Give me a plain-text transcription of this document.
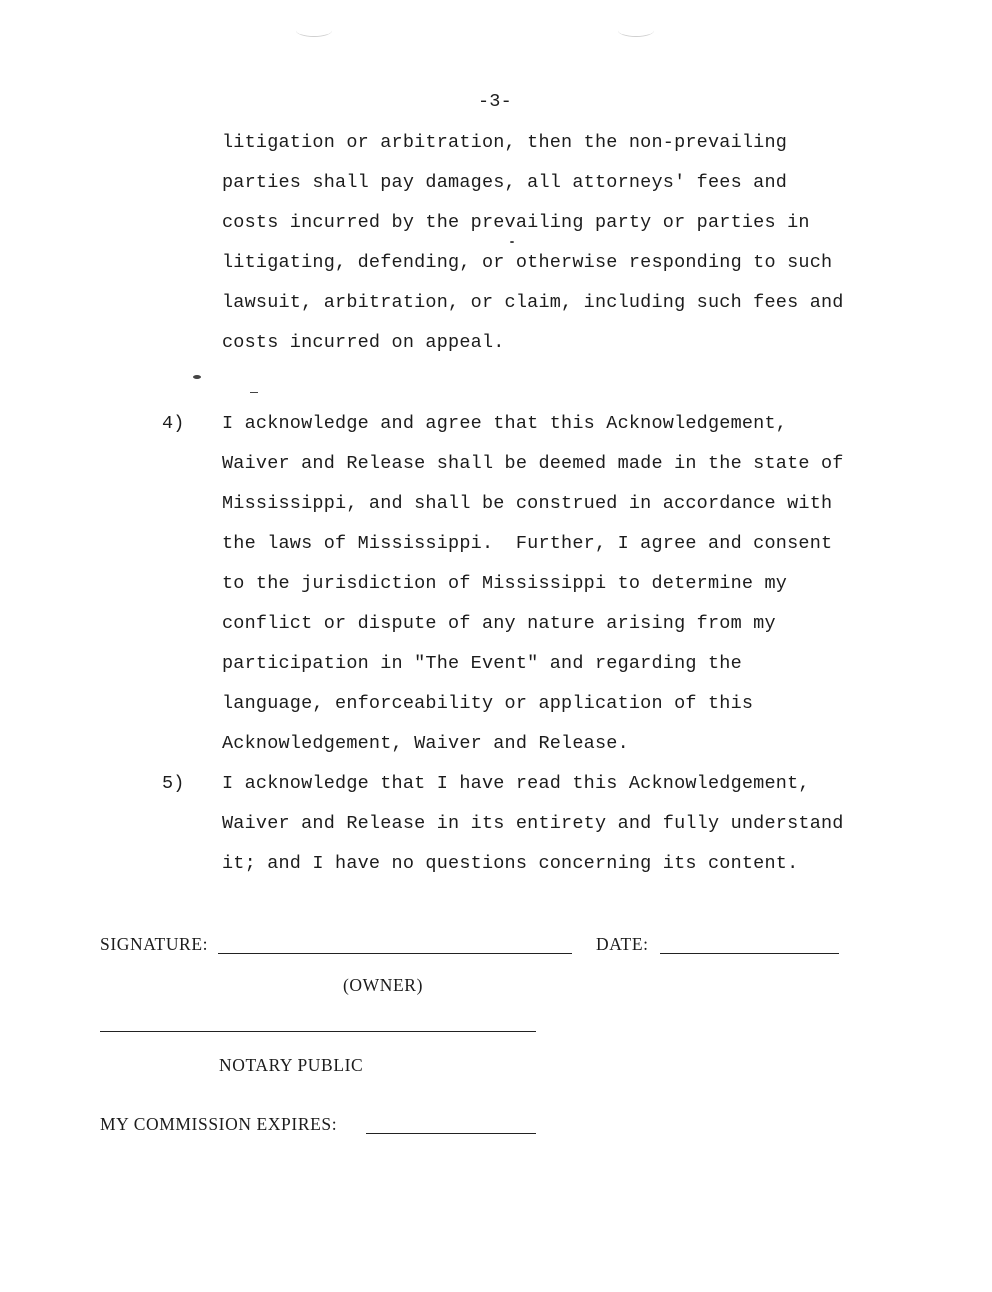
-3-
litigation or arbitration, then the non-prevailing
parties shall pay damages, all attorneys' fees and
costs incurred by the prevailing party or parties in
litigating, defending, or otherwise responding to such
lawsuit, arbitration, or claim, including such fees and
costs incurred on appeal.
4) I acknowledge and agree that this Acknowledgement,
Waiver and Release shall be deemed made in the state of
Mississippi, and shall be construed in accordance with
the laws of Mississippi.  Further, I agree and consent
to the jurisdiction of Mississippi to determine my
conflict or dispute of any nature arising from my
participation in "The Event" and regarding the
language, enforceability or application of this
Acknowledgement, Waiver and Release.
5) I acknowledge that I have read this Acknowledgement,
Waiver and Release in its entirety and fully understand
it; and I have no questions concerning its content.
SIGNATURE:	DATE:
(OWNER)
NOTARY PUBLIC
MY COMMISSION EXPIRES:
